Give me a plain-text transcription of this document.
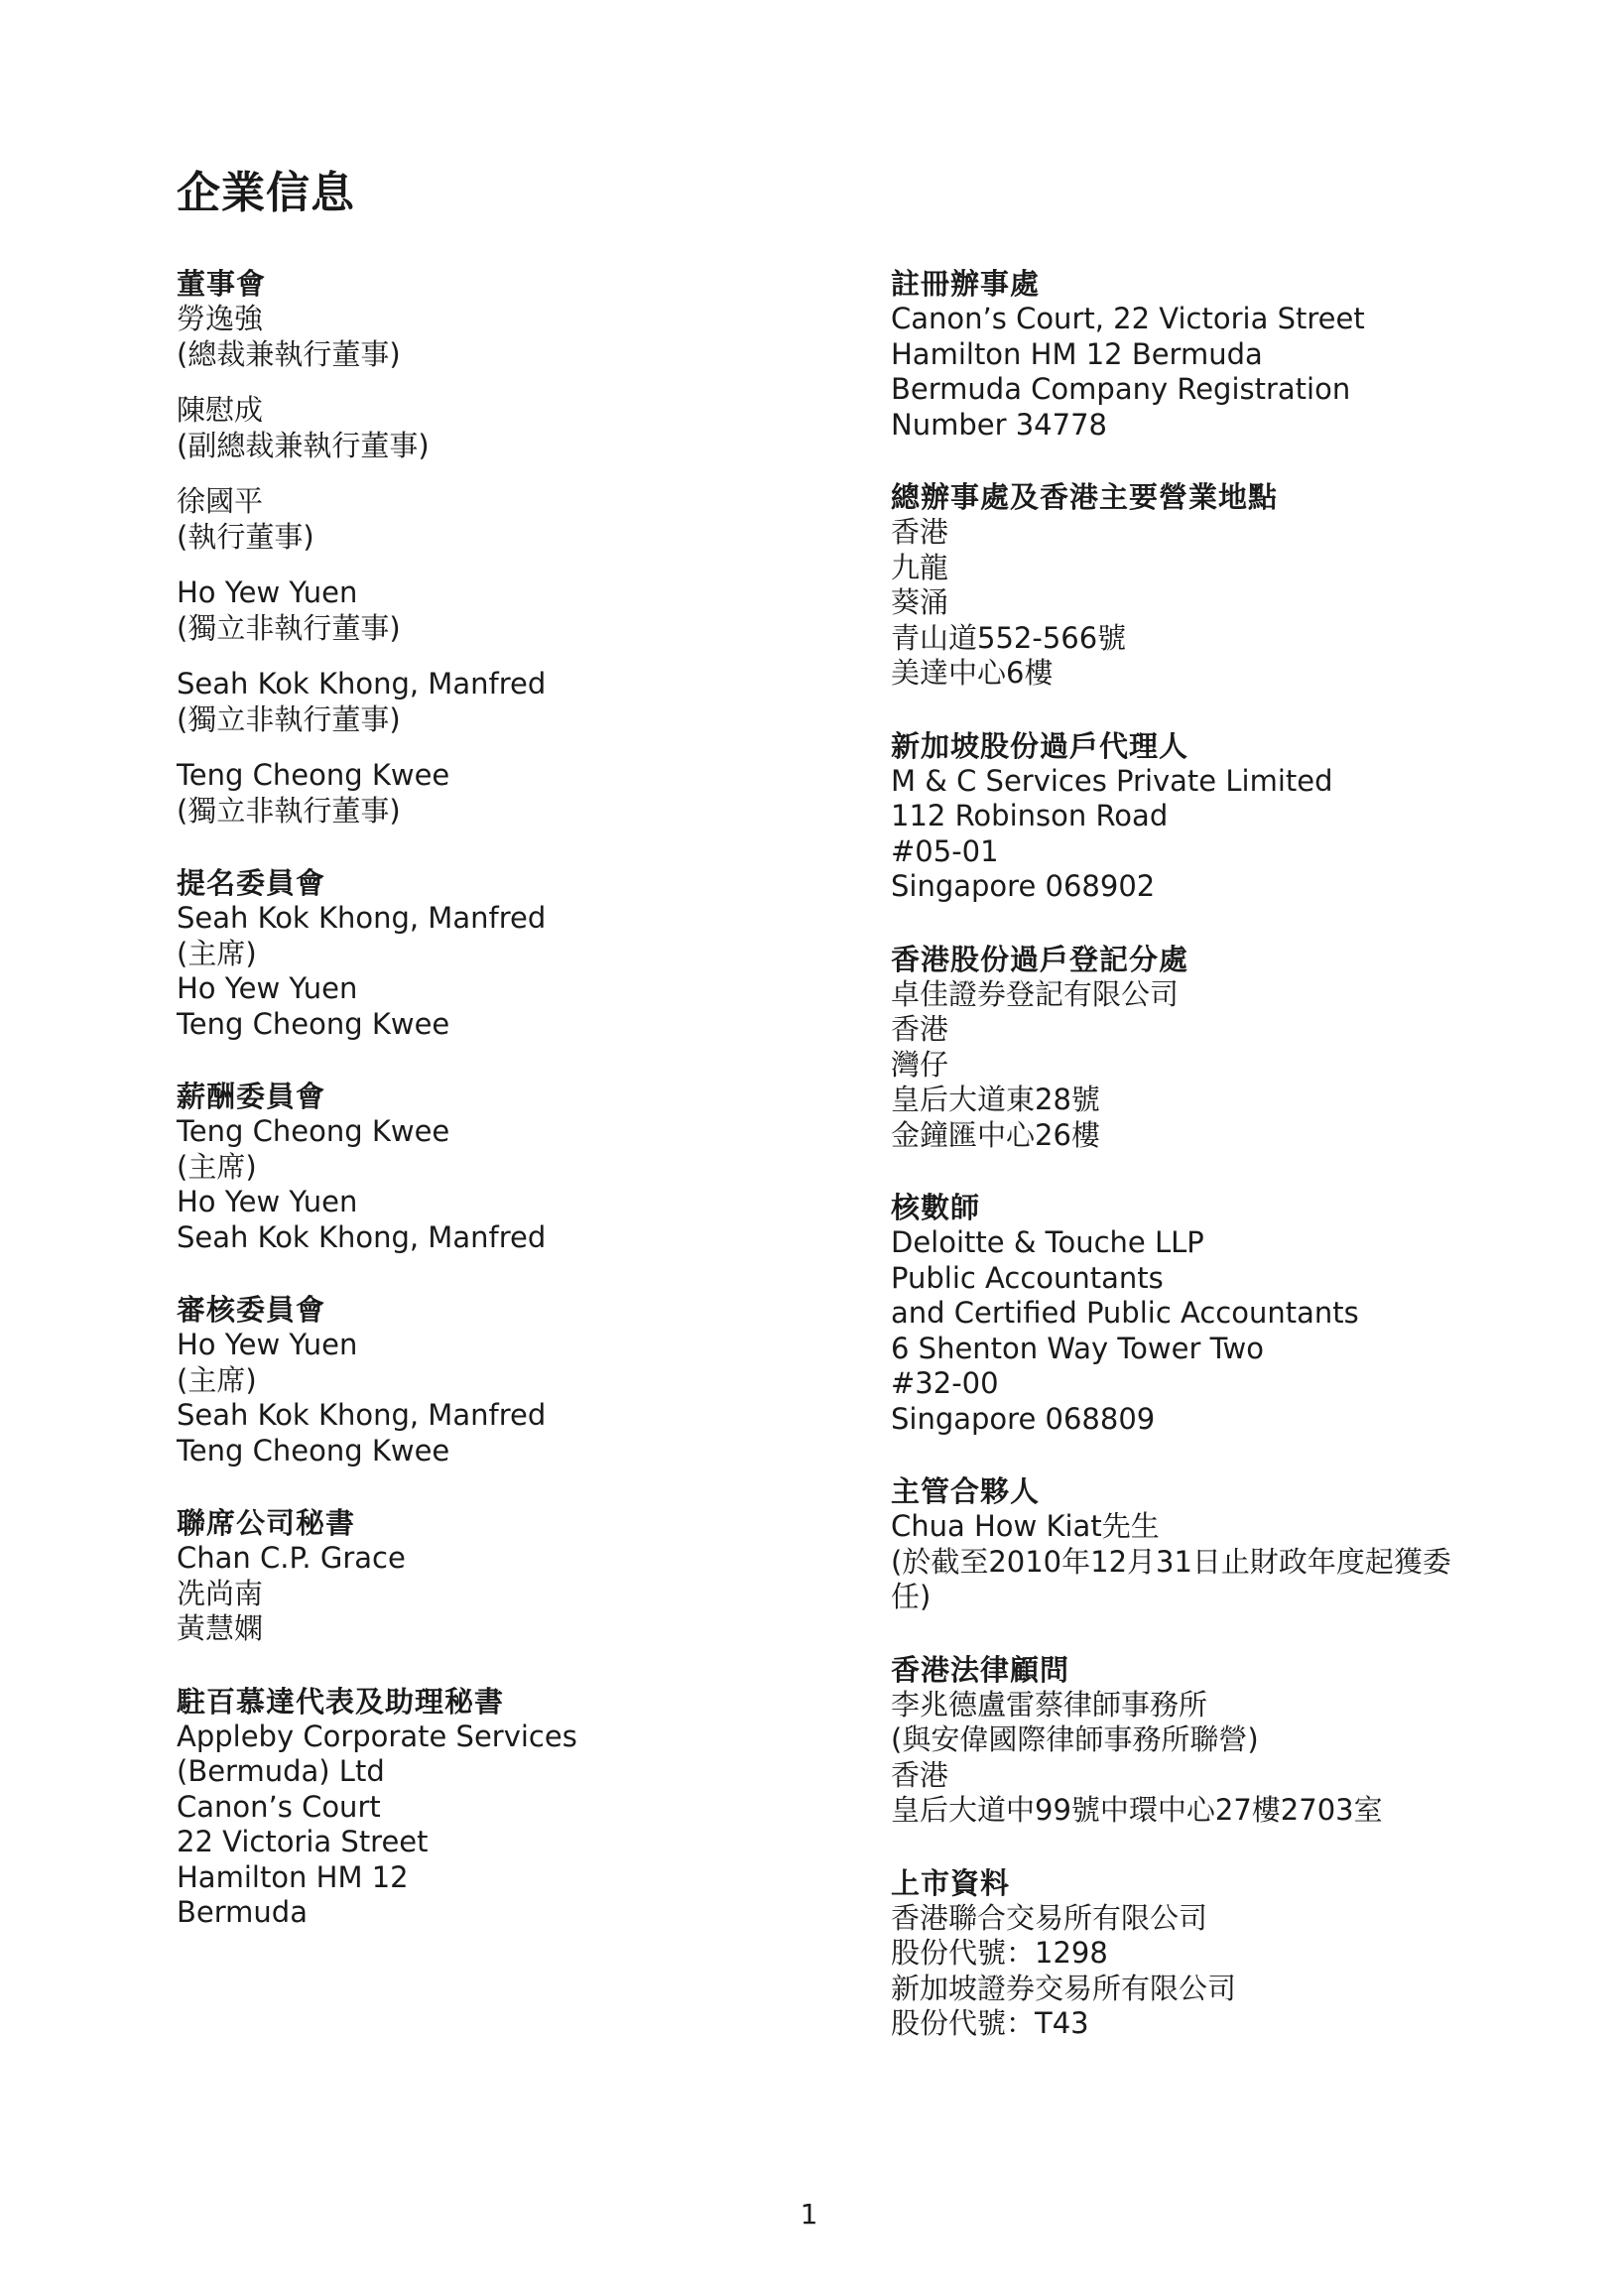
企業信息

董事會

勞逸強

(總裁兼執行董事)

陳慰成

(副總裁兼執行董事)

徐國平

(執行董事)

Ho Yew Yuen

(獨立非執行董事)

Seah Kok Khong, Manfred

(獨立非執行董事)

Teng Cheong Kwee

(獨立非執行董事)

提名委員會

Seah Kok Khong, Manfred

(主席)

Ho Yew Yuen

Teng Cheong Kwee

薪酬委員會

Teng Cheong Kwee

(主席)

Ho Yew Yuen

Seah Kok Khong, Manfred

審核委員會

Ho Yew Yuen

(主席)

Seah Kok Khong, Manfred

Teng Cheong Kwee

聯席公司秘書

Chan C.P. Grace

冼尚南

黃慧嫻

駐百慕達代表及助理秘書

Appleby Corporate Services

(Bermuda) Ltd

Canon’s Court

22 Victoria Street

Hamilton HM 12

Bermuda

註冊辦事處

Canon’s Court, 22 Victoria Street

Hamilton HM 12 Bermuda

Bermuda Company Registration

Number 34778

總辦事處及香港主要營業地點

香港

九龍

葵涌

青山道552-566號

美達中心6樓

新加坡股份過戶代理人

M & C Services Private Limited

112 Robinson Road

#05-01

Singapore 068902

香港股份過戶登記分處

卓佳證券登記有限公司

香港

灣仔

皇后大道東28號

金鐘匯中心26樓

核數師

Deloitte & Touche LLP

Public Accountants

and Certified Public Accountants

6 Shenton Way Tower Two

#32-00

Singapore 068809

主管合夥人

Chua How Kiat先生

(於截至2010年12月31日止財政年度起獲委任)

香港法律顧問

李兆德盧雷蔡律師事務所

(與安偉國際律師事務所聯營)

香港

皇后大道中99號中環中心27樓2703室

上市資料

香港聯合交易所有限公司

股份代號：1298

新加坡證券交易所有限公司

股份代號：T43

1
